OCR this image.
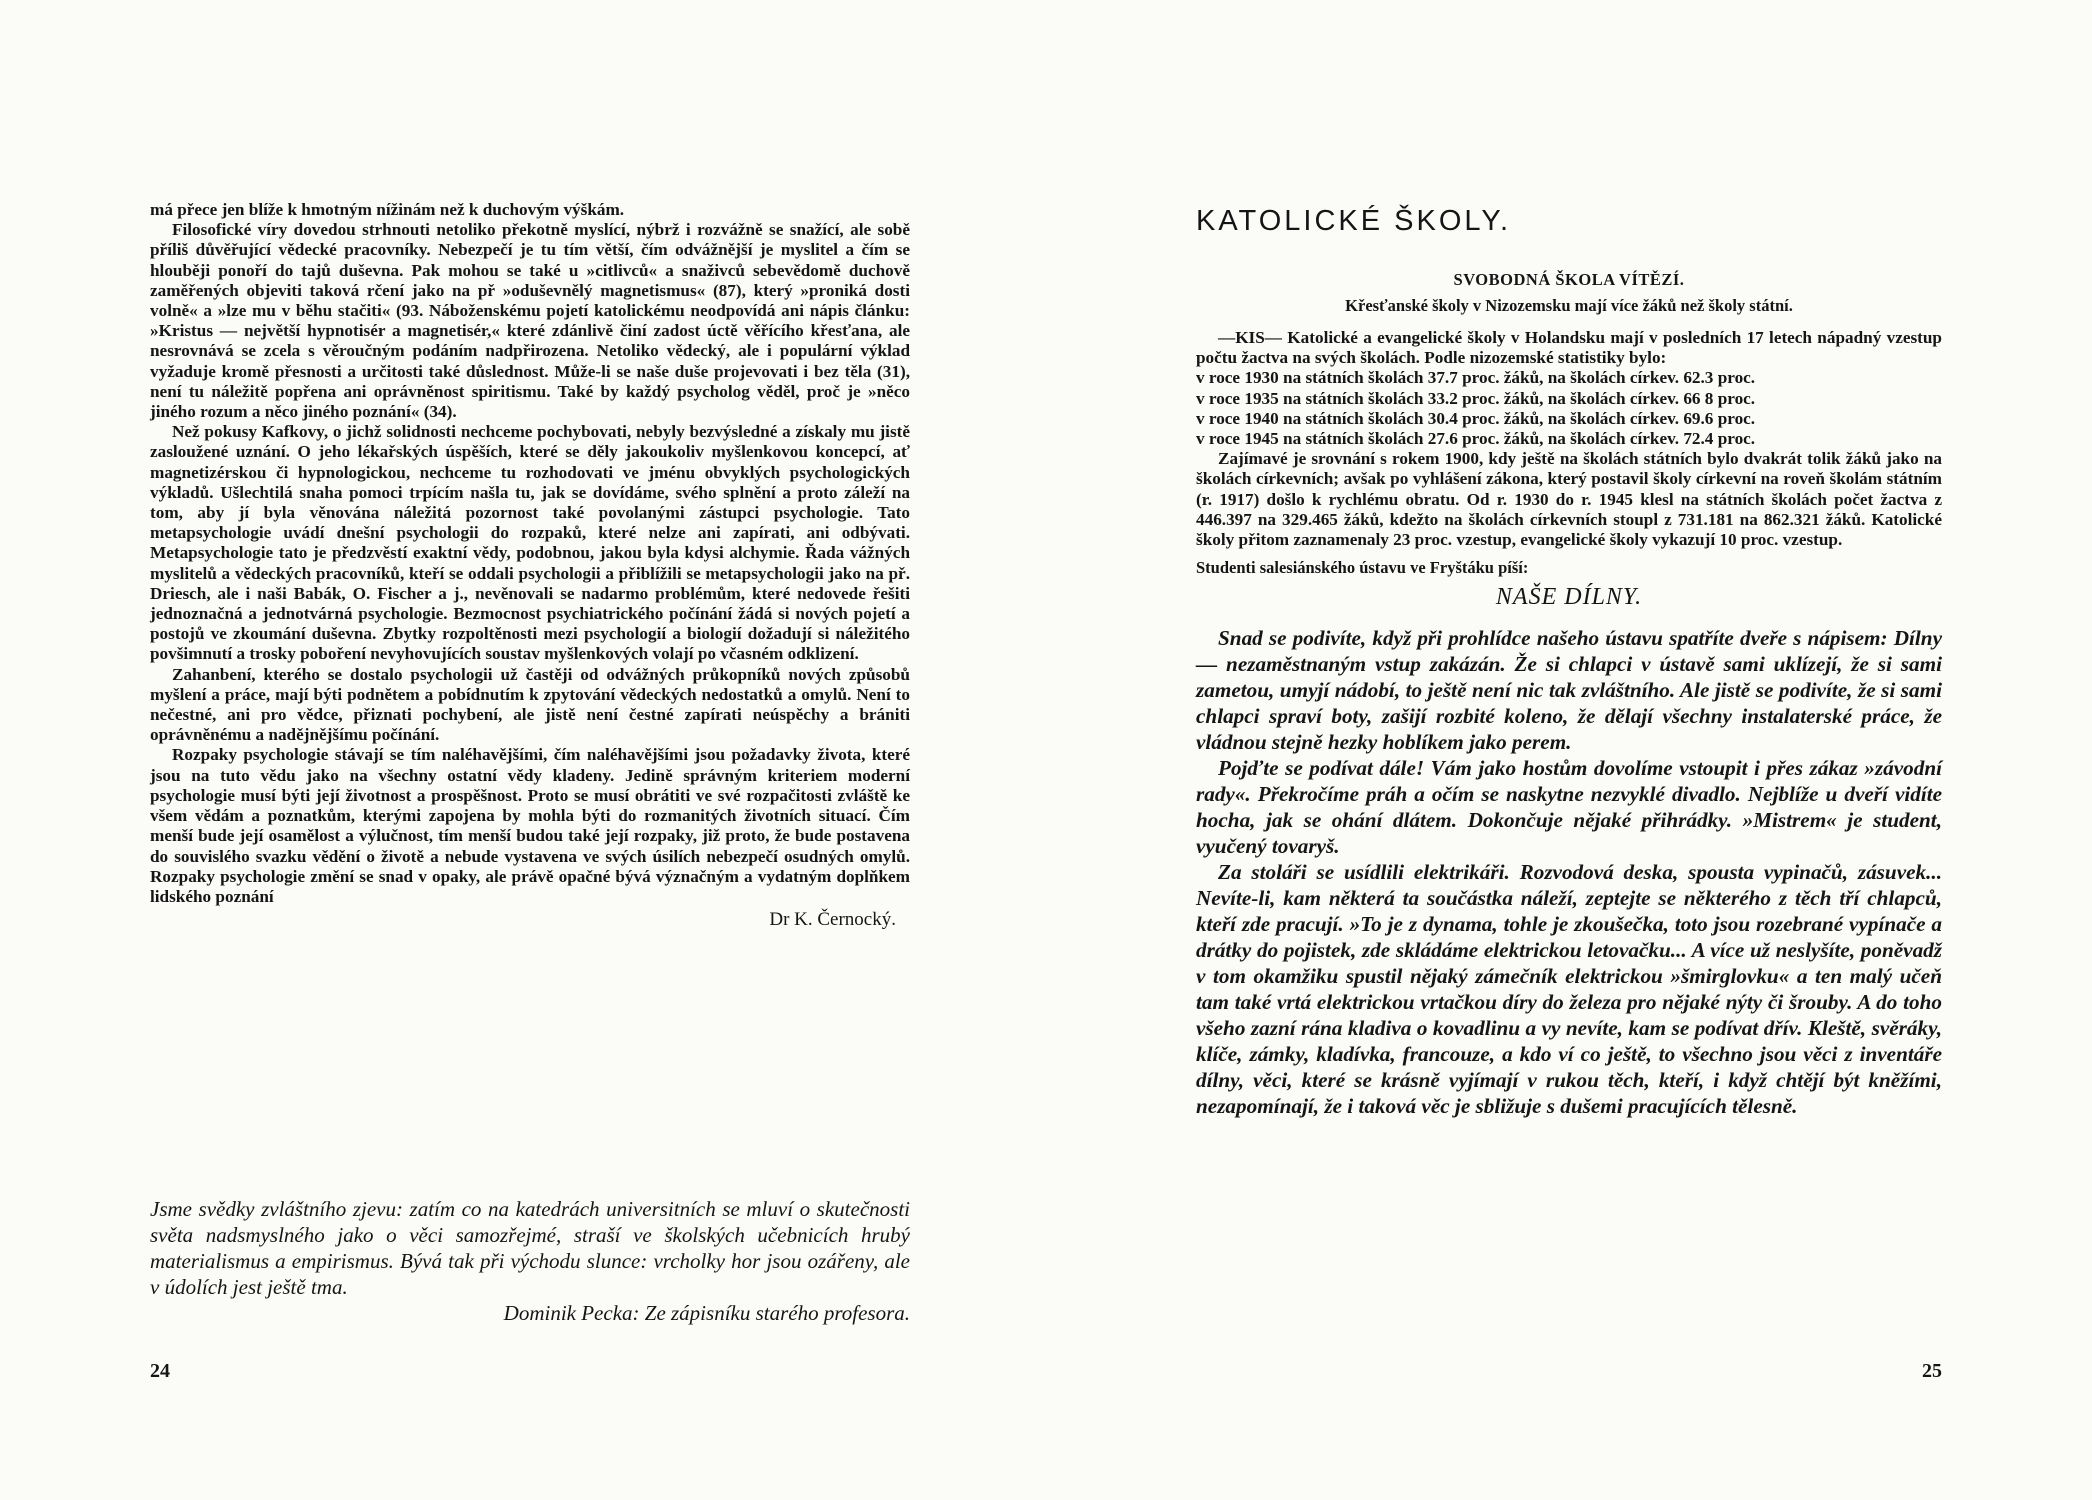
má přece jen blíže k hmotným nížinám než k duchovým výškám.

Filosofické víry dovedou strhnouti netoliko překotně myslící, nýbrž i rozvážně se snažící, ale sobě příliš důvěřující vědecké pracovníky. Nebezpečí je tu tím větší, čím odvážnější je myslitel a čím se hlouběji ponoří do tajů duševna. Pak mohou se také u »citlivců« a snaživců sebevědomě duchově zaměřených objeviti taková rčení jako na př »oduševnělý magnetismus« (87), který »proniká dosti volně« a »lze mu v běhu stačiti« (93. Náboženskému pojetí katolickému neodpovídá ani nápis článku: »Kristus — největší hypnotisér a magnetisér,« které zdánlivě činí zadost úctě věřícího křesťana, ale nesrovnává se zcela s věroučným podáním nadpřirozena. Netoliko vědecký, ale i populární výklad vyžaduje kromě přesnosti a určitosti také důslednost. Může-li se naše duše projevovati i bez těla (31), není tu náležitě popřena ani oprávněnost spiritismu. Také by každý psycholog věděl, proč je »něco jiného rozum a něco jiného poznání« (34).

Než pokusy Kafkovy, o jichž solidnosti nechceme pochybovati, nebyly bezvýsledné a získaly mu jistě zasloužené uznání. O jeho lékařských úspěších, které se děly jakoukoliv myšlenkovou koncepcí, ať magnetizérskou či hypnologickou, nechceme tu rozhodovati ve jménu obvyklých psychologických výkladů. Ušlechtilá snaha pomoci trpícím našla tu, jak se dovídáme, svého splnění a proto záleží na tom, aby jí byla věnována náležitá pozornost také povolanými zástupci psychologie. Tato metapsychologie uvádí dnešní psychologii do rozpaků, které nelze ani zapírati, ani odbývati. Metapsychologie tato je předzvěstí exaktní vědy, podobnou, jakou byla kdysi alchymie. Řada vážných myslitelů a vědeckých pracovníků, kteří se oddali psychologii a přiblížili se metapsychologii jako na př. Driesch, ale i naši Babák, O. Fischer a j., nevěnovali se nadarmo problémům, které nedovede řešiti jednoznačná a jednotvárná psychologie. Bezmocnost psychiatrického počínání žádá si nových pojetí a postojů ve zkoumání duševna. Zbytky rozpoltěnosti mezi psychologií a biologií dožadují si náležitého povšimnutí a trosky poboření nevyhovujících soustav myšlenkových volají po včasném odklizení.

Zahanbení, kterého se dostalo psychologii už častěji od odvážných průkopníků nových způsobů myšlení a práce, mají býti podnětem a pobídnutím k zpytování vědeckých nedostatků a omylů. Není to nečestné, ani pro vědce, přiznati pochybení, ale jistě není čestné zapírati neúspěchy a brániti oprávněnému a nadějnějšímu počínání.

Rozpaky psychologie stávají se tím naléhavějšími, čím naléhavějšími jsou požadavky života, které jsou na tuto vědu jako na všechny ostatní vědy kladeny. Jedině správným kriteriem moderní psychologie musí býti její životnost a prospěšnost. Proto se musí obrátiti ve své rozpačitosti zvláště ke všem vědám a poznatkům, kterými zapojena by mohla býti do rozmanitých životních situací. Čím menší bude její osamělost a výlučnost, tím menší budou také její rozpaky, již proto, že bude postavena do souvislého svazku vědění o životě a nebude vystavena ve svých úsilích nebezpečí osudných omylů. Rozpaky psychologie změní se snad v opaky, ale právě opačné bývá význačným a vydatným doplňkem lidského poznání

Dr K. Černocký.
Jsme svědky zvláštního zjevu: zatím co na katedrách universitních se mluví o skutečnosti světa nadsmyslného jako o věci samozřejmé, straší ve školských učebnicích hrubý materialismus a empirismus. Bývá tak při východu slunce: vrcholky hor jsou ozářeny, ale v údolích jest ještě tma.
Dominik Pecka: Ze zápisníku starého profesora.
24
KATOLICKÉ ŠKOLY.
SVOBODNÁ ŠKOLA VÍTĚZÍ.
Křesťanské školy v Nizozemsku mají více žáků než školy státní.

—KIS— Katolické a evangelické školy v Holandsku mají v posledních 17 letech nápadný vzestup počtu žactva na svých školách. Podle nizozemské statistiky bylo:

v roce 1930 na státních školách 37.7 proc. žáků, na školách církev. 62.3 proc.
v roce 1935 na státních školách 33.2 proc. žáků, na školách církev. 66 8 proc.
v roce 1940 na státních školách 30.4 proc. žáků, na školách církev. 69.6 proc.
v roce 1945 na státních školách 27.6 proc. žáků, na školách církev. 72.4 proc.

Zajímavé je srovnání s rokem 1900, kdy ještě na školách státních bylo dvakrát tolik žáků jako na školách církevních; avšak po vyhlášení zákona, který postavil školy církevní na roveň školám státním (r. 1917) došlo k rychlému obratu. Od r. 1930 do r. 1945 klesl na státních školách počet žactva z 446.397 na 329.465 žáků, kdežto na školách církevních stoupl z 731.181 na 862.321 žáků. Katolické školy přitom zaznamenaly 23 proc. vzestup, evangelické školy vykazují 10 proc. vzestup.

Studenti salesiánského ústavu ve Fryštáku píší:
NAŠE DÍLNY.

Snad se podivíte, když při prohlídce našeho ústavu spatříte dveře s nápisem: Dílny — nezaměstnaným vstup zakázán. Že si chlapci v ústavě sami uklízejí, že si sami zametou, umyjí nádobí, to ještě není nic tak zvláštního. Ale jistě se podivíte, že si sami chlapci spraví boty, zašijí rozbité koleno, že dělají všechny instalaterské práce, že vládnou stejně hezky hoblíkem jako perem.

Pojďte se podívat dále! Vám jako hostům dovolíme vstoupit i přes zákaz »závodní rady«. Překročíme práh a očím se naskytne nezvyklé divadlo. Nejblíže u dveří vidíte hocha, jak se ohání dlátem. Dokončuje nějaké přihrádky. »Mistrem« je student, vyučený tovaryš.

Za stoláři se usídlili elektrikáři. Rozvodová deska, spousta vypinačů, zásuvek... Nevíte-li, kam některá ta součástka náleží, zeptejte se některého z těch tří chlapců, kteří zde pracují. »To je z dynama, tohle je zkoušečka, toto jsou rozebrané vypínače a drátky do pojistek, zde skládáme elektrickou letovačku... A více už neslyšíte, poněvadž v tom okamžiku spustil nějaký zámečník elektrickou »šmirglovku« a ten malý učeň tam také vrtá elektrickou vrtačkou díry do železa pro nějaké nýty či šrouby. A do toho všeho zazní rána kladiva o kovadlinu a vy nevíte, kam se podívat dřív. Kleště, svěráky, klíče, zámky, kladívka, francouze, a kdo ví co ještě, to všechno jsou věci z inventáře dílny, věci, které se krásně vyjímají v rukou těch, kteří, i když chtějí být kněžími, nezapomínají, že i taková věc je sbližuje s dušemi pracujících tělesně.

25
